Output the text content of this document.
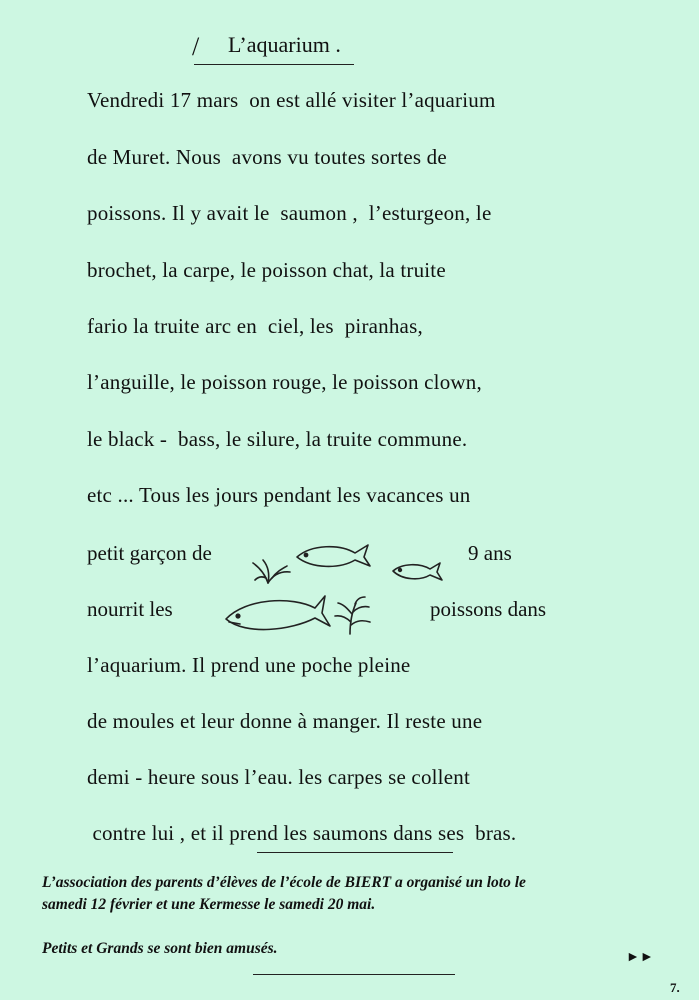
/ L’aquarium .
Vendredi 17 mars  on est allé visiter l’aquarium
de Muret. Nous  avons vu toutes sortes de
poissons. Il y avait le  saumon ,  l’esturgeon, le
brochet, la carpe, le poisson chat, la truite
fario la truite arc en  ciel, les  piranhas,
l’anguille, le poisson rouge, le poisson clown,
le black -  bass, le silure, la truite commune.
etc ... Tous les jours pendant les vacances un
petit garçon de	9 ans
nourrit les	poissons dans
l’aquarium. Il prend une poche pleine
de moules et leur donne à manger. Il reste une
demi - heure sous l’eau. les carpes se collent
contre lui , et il prend les saumons dans ses  bras.
L’association des parents d’élèves de l’école de BIERT a organisé un loto le
samedi 12 février et une Kermesse le samedi 20 mai.
Petits et Grands se sont bien amusés.
►►
7.
